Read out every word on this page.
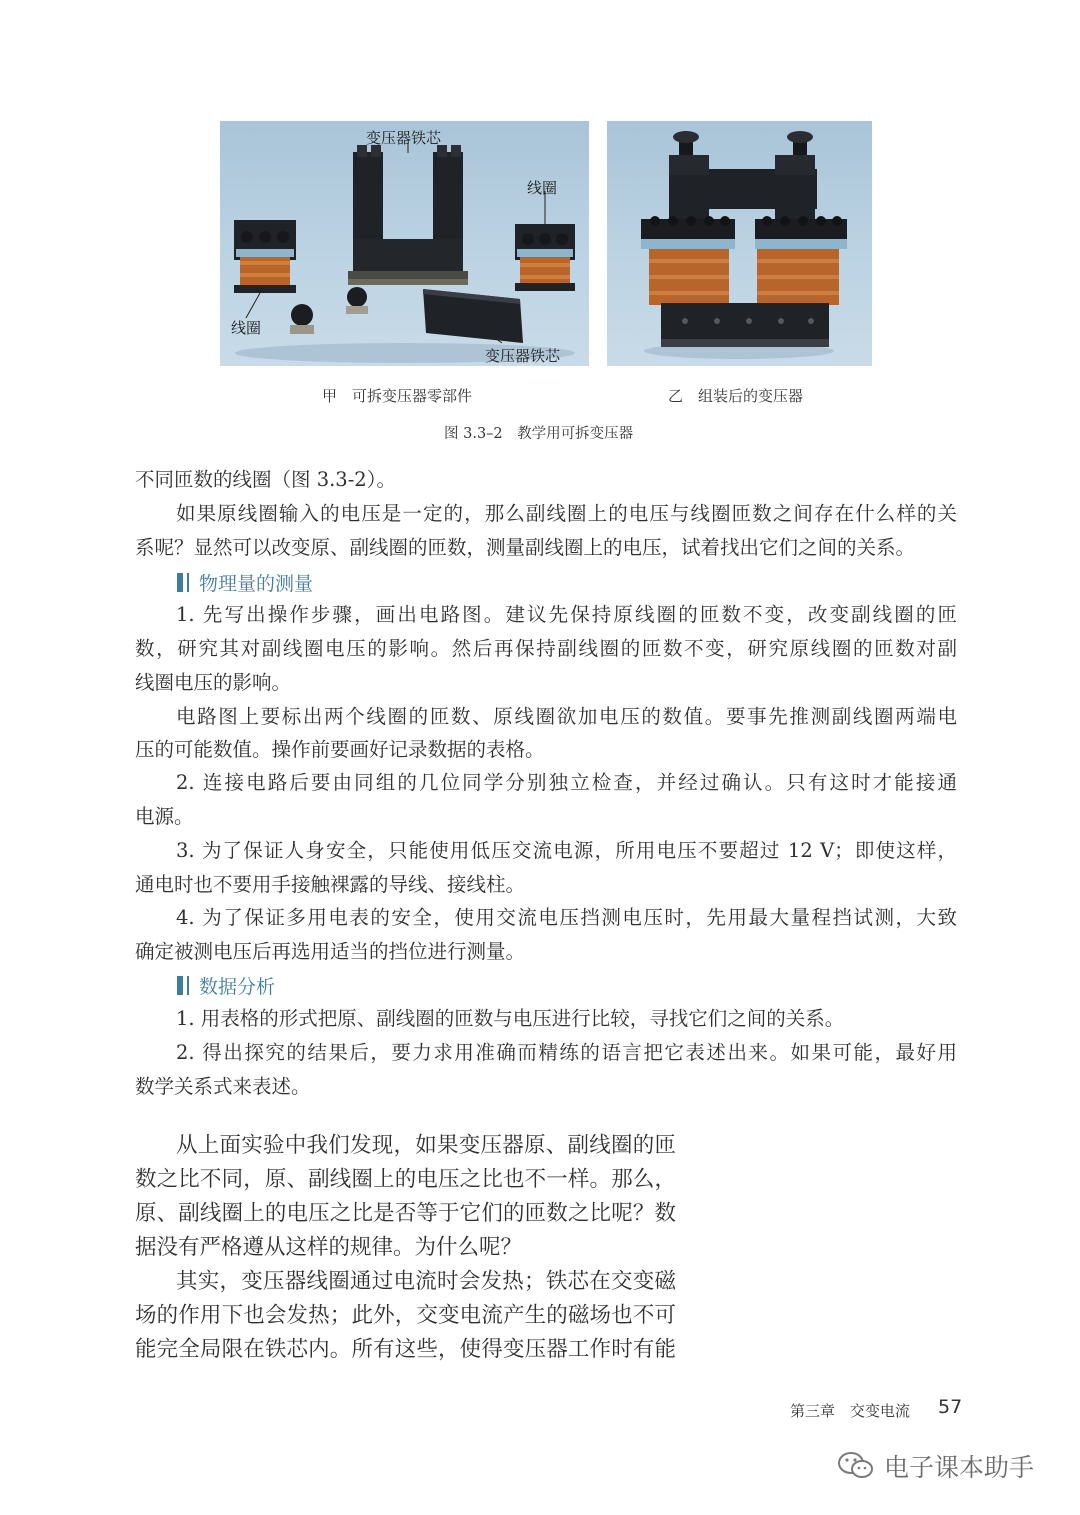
变压器铁芯
线圈
线圈
变压器铁芯
甲　可拆变压器零部件	乙　组装后的变压器
图 3.3–2　教学用可拆变压器
不同匝数的线圈（图 3.3-2）。
如果原线圈输入的电压是一定的，那么副线圈上的电压与线圈匝数之间存在什么样的关
系呢？显然可以改变原、副线圈的匝数，测量副线圈上的电压，试着找出它们之间的关系。
物理量的测量
1. 先写出操作步骤，画出电路图。建议先保持原线圈的匝数不变，改变副线圈的匝
数，研究其对副线圈电压的影响。然后再保持副线圈的匝数不变，研究原线圈的匝数对副
线圈电压的影响。
电路图上要标出两个线圈的匝数、原线圈欲加电压的数值。要事先推测副线圈两端电
压的可能数值。操作前要画好记录数据的表格。
2. 连接电路后要由同组的几位同学分别独立检查，并经过确认。只有这时才能接通
电源。
3. 为了保证人身安全，只能使用低压交流电源，所用电压不要超过 12 V；即使这样，
通电时也不要用手接触裸露的导线、接线柱。
4. 为了保证多用电表的安全，使用交流电压挡测电压时，先用最大量程挡试测，大致
确定被测电压后再选用适当的挡位进行测量。
数据分析
1. 用表格的形式把原、副线圈的匝数与电压进行比较，寻找它们之间的关系。
2. 得出探究的结果后，要力求用准确而精练的语言把它表述出来。如果可能，最好用
数学关系式来表述。
从上面实验中我们发现，如果变压器原、副线圈的匝
数之比不同，原、副线圈上的电压之比也不一样。那么，
原、副线圈上的电压之比是否等于它们的匝数之比呢？数
据没有严格遵从这样的规律。为什么呢？
其实，变压器线圈通过电流时会发热；铁芯在交变磁
场的作用下也会发热；此外，交变电流产生的磁场也不可
能完全局限在铁芯内。所有这些，使得变压器工作时有能
第三章　交变电流 57
电子课本助手
